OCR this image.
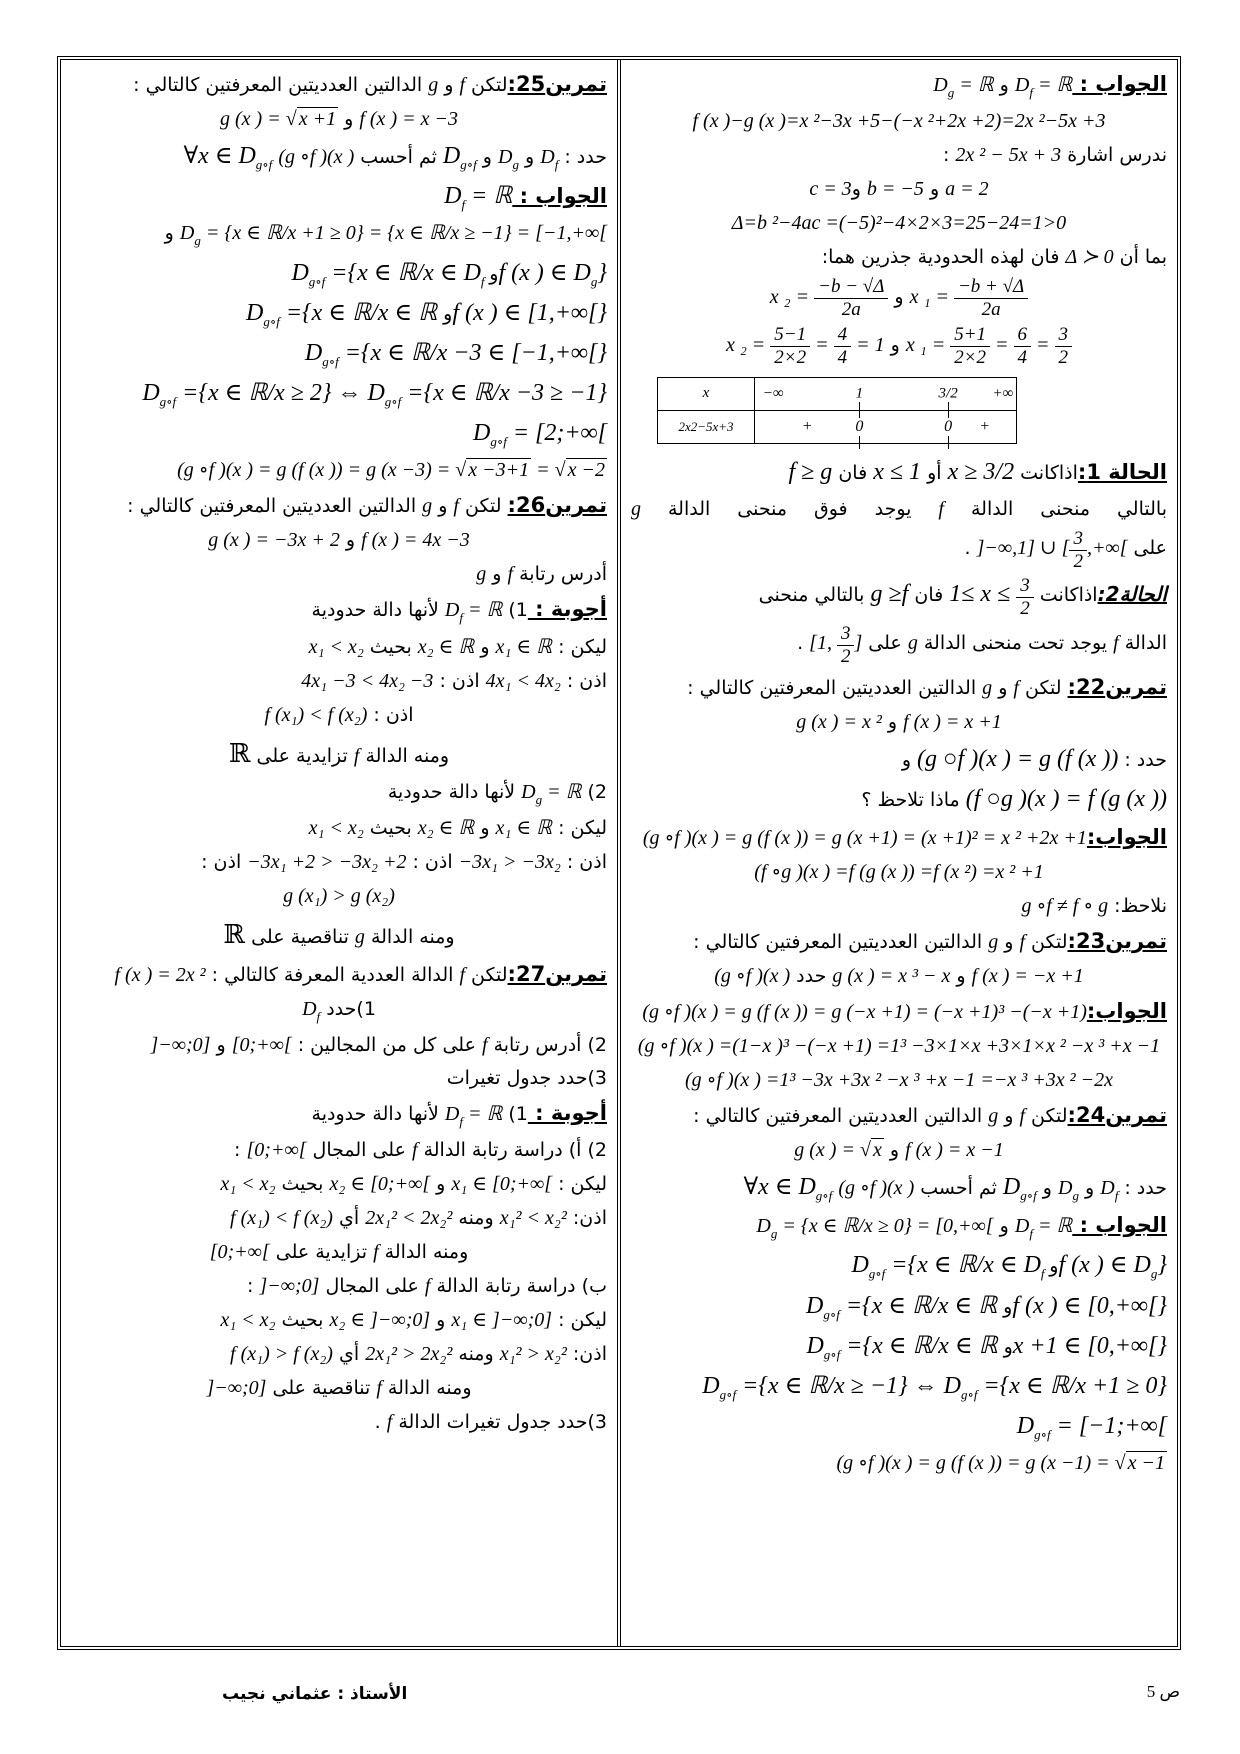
تمرين25:لتكن f و g الدالتين العدديتين المعرفتين كالتالي :
f (x ) = x −3 و g (x ) = √ x +1
حدد : $D_f$ و $D_g$ و $D_{g\circ f}$ ثم أحسب (g ∘f )(x ) ∀x ∈ $D_{g\circ f}$
الجواب : $D_f$ = ℝ
$D_g = \{x$ ∈ ℝ/x +1 ≥ 0} = {x ∈ ℝ/x ≥ −1} = [−1,+∞[ و
$D_{g\circ f} =\{x$ ∈ ℝ/x ∈ $D_f$ وf (x ) ∈ $D_g$}
$D_{g\circ f} =\{x$ ∈ ℝ/x ∈ ℝ وf (x ) ∈ [1,+∞[}
$D_{g\circ f} =\{x$ ∈ ℝ/x −3 ∈ [−1,+∞[}
$D_{g\circ f} =\{x$ ∈ ℝ/x ≥ 2} ⇔ $D_{g\circ f} =\{x$ ∈ ℝ/x −3 ≥ −1}
$D_{g\circ f}$ = [2;+∞[
(g ∘f )(x ) = g (f (x )) = g (x −3) = √ x −3+1 = √ x −2
تمرين26: لتكن f و g الدالتين العدديتين المعرفتين كالتالي :
f (x ) = 4x −3 و g (x ) = −3x + 2
أدرس رتابة f و g
أجوبة : 1) $D_f$ = ℝ لأنها دالة حدودية
ليكن : x₁ ∈ ℝ و x₂ ∈ ℝ بحيث x₁ < x₂
اذن : 4x₁ < 4x₂ اذن : 4x₁ −3 < 4x₂ −3
اذن : f (x₁) < f (x₂)
ومنه الدالة f تزايدية على ℝ
2) $D_g$ = ℝ لأنها دالة حدودية
ليكن : x₁ ∈ ℝ و x₂ ∈ ℝ بحيث x₁ < x₂
اذن : −3x₁ > −3x₂ اذن : −3x₁ +2 > −3x₂ +2 اذن :
g (x₁) > g (x₂)
ومنه الدالة g تناقصية على ℝ
تمرين27:لتكن f الدالة العددية المعرفة كالتالي : f (x ) = 2x ²
1)حدد $D_f$
2) أدرس رتابة f على كل من المجالين : [0;+∞[ و ]−∞;0]
3)حدد جدول تغيرات
أجوبة : 1) $D_f$ = ℝ لأنها دالة حدودية
2) أ) دراسة رتابة الدالة f على المجال [0;+∞[ :
ليكن : x₁ ∈ [0;+∞[ و x₂ ∈ [0;+∞[ بحيث x₁ < x₂
اذن: x₁² < x₂² ومنه 2x₁² < 2x₂² أي f (x₁) < f (x₂)
ومنه الدالة f تزايدية على [0;+∞[
ب) دراسة رتابة الدالة f على المجال ]−∞;0] :
ليكن : x₁ ∈ ]−∞;0] و x₂ ∈ ]−∞;0] بحيث x₁ < x₂
اذن: x₁² > x₂² ومنه 2x₁² > 2x₂² أي f (x₁) > f (x₂)
ومنه الدالة f تناقصية على ]−∞;0]
3)حدد جدول تغيرات الدالة f .
الجواب : $D_f$ = ℝ و $D_g$ = ℝ
f (x )−g (x )=x ²−3x +5−(−x ²+2x +2)=2x ²−5x +3
ندرس اشارة 2x ² − 5x + 3 :
a = 2 و b = −5 وc = 3
Δ=b ²−4ac =(−5)²−4×2×3=25−24=1>0
بما أن Δ ≻ 0 فان لهذه الحدودية جذرين هما:
x $_2 = \frac{-b - √\Delta}{2a}$ و x $_1 = \frac{-b + √\Delta}{2a}$
x $_2 = \frac{5-1}{2\times 2} = \frac{4}{4} = 1$ و x $_1 = \frac{5+1}{2\times 2} = \frac{6}{4} = \frac{3}{2}$
x	−∞	1	3/2 +∞
2x2−5x+3	+	0	0 +
الحالة 1:اذاكانت x ≥ 3/2 أو x ≤ 1 فان f ≥ g
بالتالي منحنى الدالة f يوجد فوق منحنى الدالة g
على ]−∞,1] ∪ [ $\frac{3}{2}$ ,+∞[ .
الحالة2:اذاكانت $1\le x \le \frac{3}{2}$
فان g ≥f بالتالي منحنى
الدالة f يوجد تحت منحنى الدالة g على [1, $\frac{3}{2}$ ] .
تمرين22: لتكن f و g الدالتين العدديتين المعرفتين كالتالي :
f (x ) = x +1 و g (x ) = x ²
حدد : (g ○f )(x ) = g (f (x )) و
(f ○g )(x ) = f (g (x )) ماذا تلاحظ ؟
الجواب:(g ∘f )(x ) = g (f (x )) = g (x +1) = (x +1)² = x ² +2x +1
(f ∘g )(x ) =f (g (x )) =f (x ²) =x ² +1
نلاحظ: g ∘f ≠ f ∘ g
تمرين23:لتكن f و g الدالتين العدديتين المعرفتين كالتالي :
f (x ) = −x +1 و g (x ) = x ³ − x حدد (g ∘f )(x )
الجواب:(g ∘f )(x ) = g (f (x )) = g (−x +1) = (−x +1)³ −(−x +1)
(g ∘f )(x ) =(1−x )³ −(−x +1) =1³ −3×1×x +3×1×x ² −x ³ +x −1
(g ∘f )(x ) =1³ −3x +3x ² −x ³ +x −1 =−x ³ +3x ² −2x
تمرين24:لتكن f و g الدالتين العدديتين المعرفتين كالتالي :
f (x ) = x −1 و g (x ) = √ x
حدد : $D_f$ و $D_g$ و $D_{g\circ f}$ ثم أحسب (g ∘f )(x ) ∀x ∈ $D_{g\circ f}$
الجواب : $D_f$ = ℝ و $D_g = \{x$ ∈ ℝ/x ≥ 0} = [0,+∞[
$D_{g\circ f} =\{x$ ∈ ℝ/x ∈ $D_f$ وf (x ) ∈ $D_g$}
$D_{g\circ f} =\{x$ ∈ ℝ/x ∈ ℝ وf (x ) ∈ [0,+∞[}
$D_{g\circ f} =\{x$ ∈ ℝ/x ∈ ℝ وx +1 ∈ [0,+∞[}
$D_{g\circ f} =\{x$ ∈ ℝ/x ≥ −1} ⇔ $D_{g\circ f} =\{x$ ∈ ℝ/x +1 ≥ 0}
$D_{g\circ f}$ = [−1;+∞[
(g ∘f )(x ) = g (f (x )) = g (x −1) = √ x −1
الأستاذ : عثماني نجيب	ص 5
